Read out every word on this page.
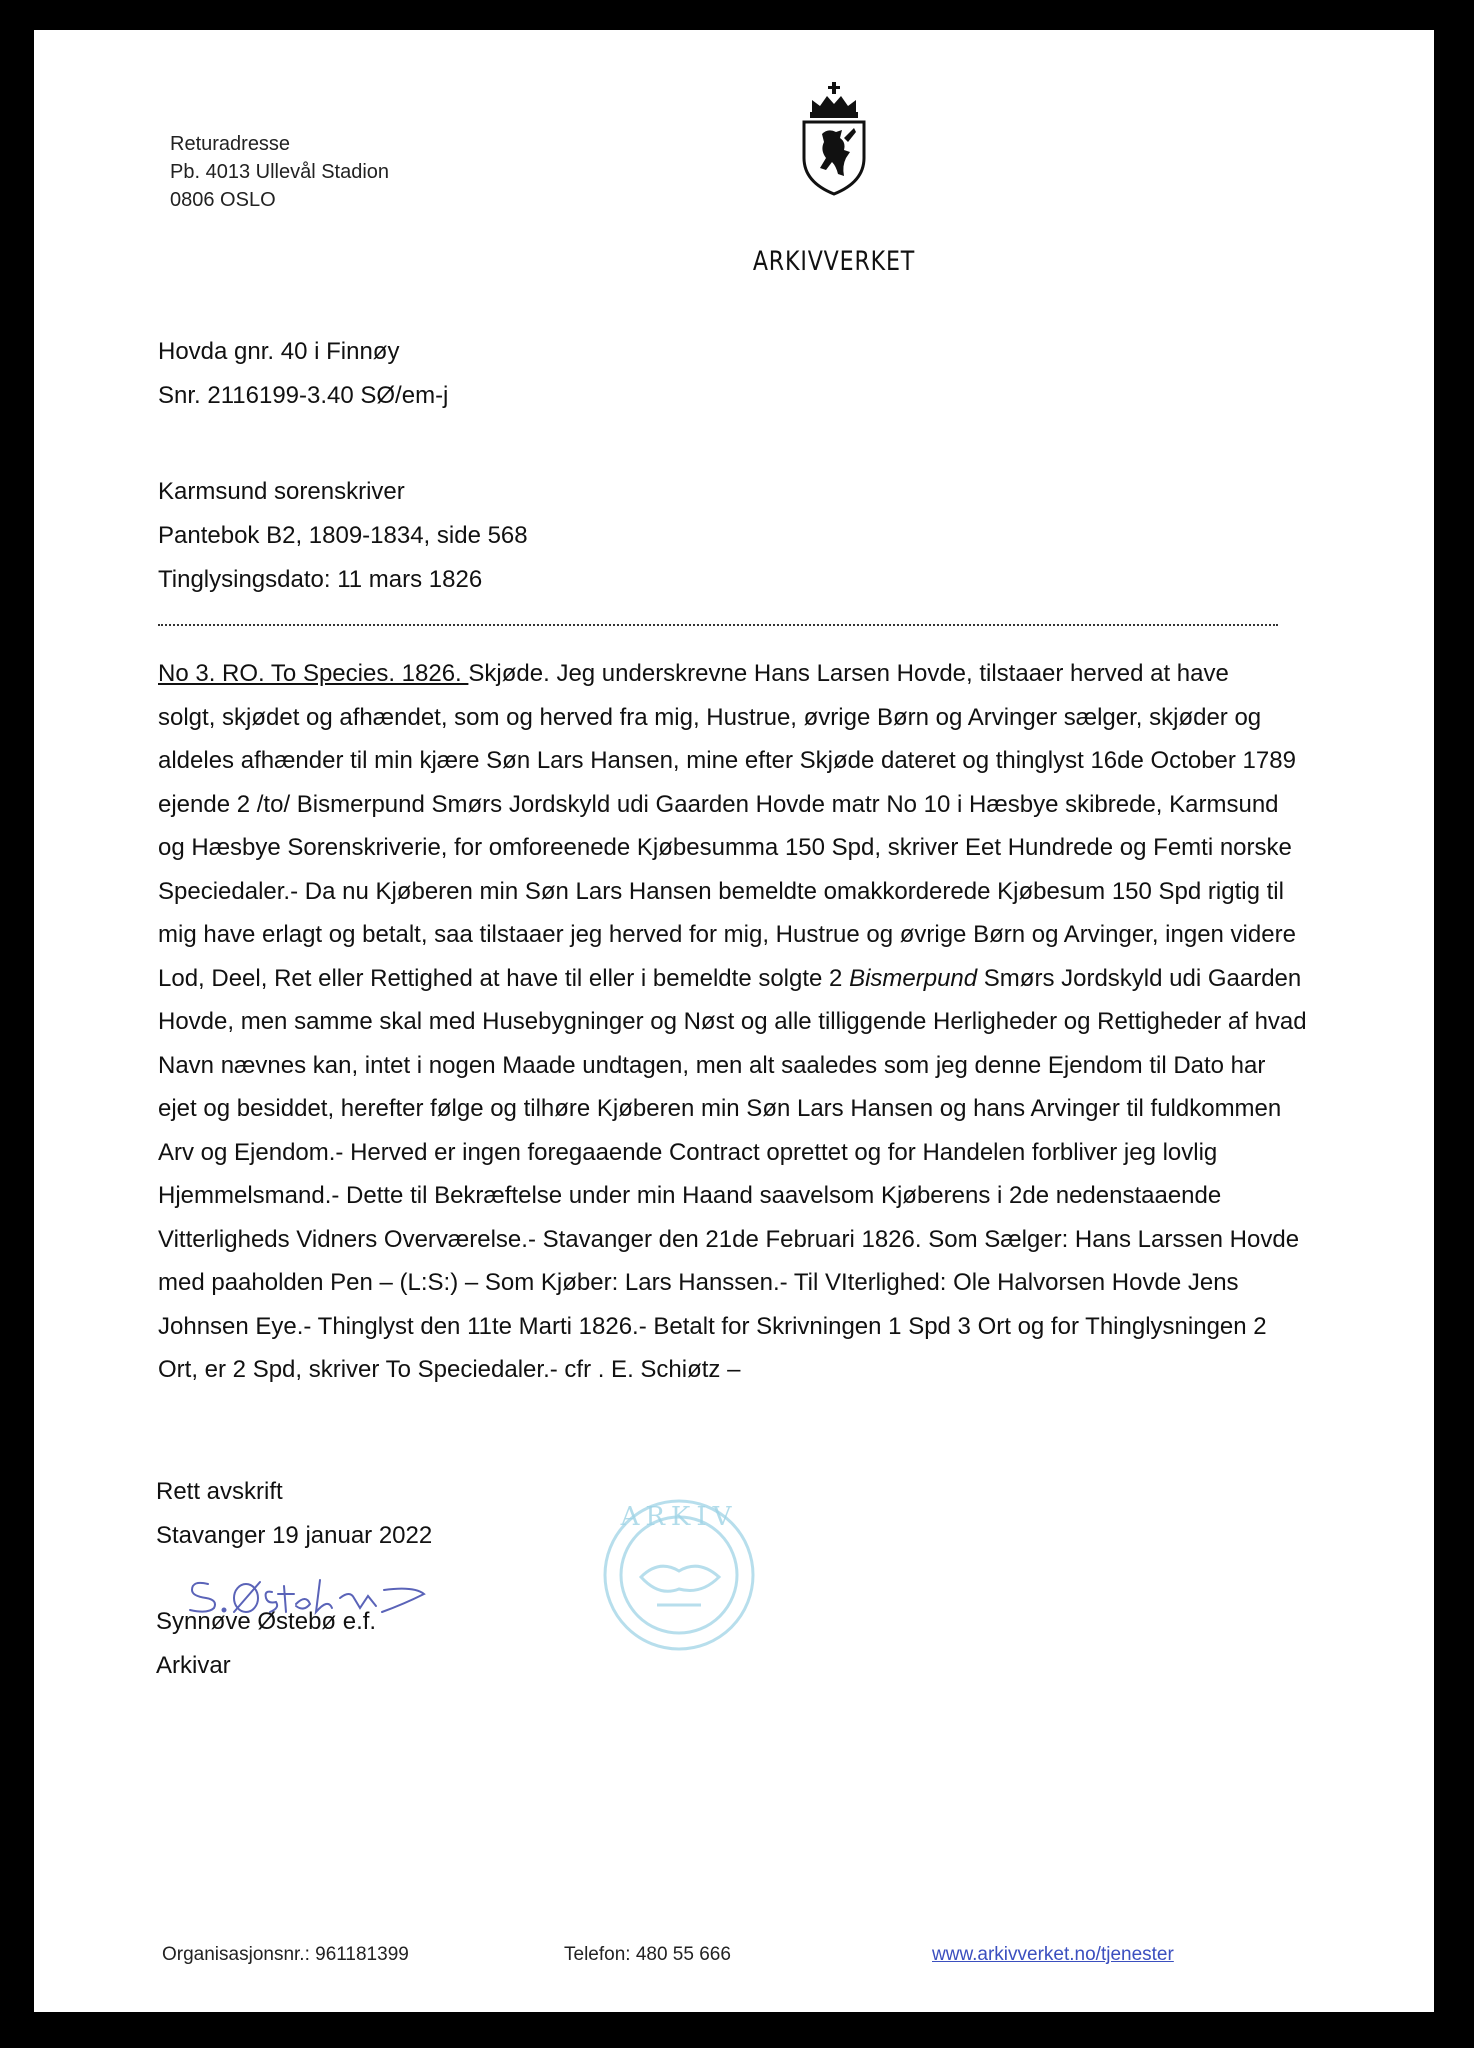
Returadresse
Pb. 4013 Ullevål Stadion
0806 OSLO
ARKIVVERKET
Hovda gnr. 40 i Finnøy
Snr. 2116199-3.40 SØ/em-j
Karmsund sorenskriver
Pantebok B2, 1809-1834, side 568
Tinglysingsdato: 11 mars 1826
No 3. RO. To Species. 1826. Skjøde. Jeg underskrevne Hans Larsen Hovde, tilstaaer herved at have
solgt, skjødet og afhændet, som og herved fra mig, Hustrue, øvrige Børn og Arvinger sælger, skjøder og
aldeles afhænder til min kjære Søn Lars Hansen, mine efter Skjøde dateret og thinglyst 16de October 1789
ejende 2 /to/ Bismerpund Smørs Jordskyld udi Gaarden Hovde matr No 10 i Hæsbye skibrede, Karmsund
og Hæsbye Sorenskriverie, for omforeenede Kjøbesumma 150 Spd, skriver Eet Hundrede og Femti norske
Speciedaler.- Da nu Kjøberen min Søn Lars Hansen bemeldte omakkorderede Kjøbesum 150 Spd rigtig til
mig have erlagt og betalt, saa tilstaaer jeg herved for mig, Hustrue og øvrige Børn og Arvinger, ingen videre
Lod, Deel, Ret eller Rettighed at have til eller i bemeldte solgte 2 Bismerpund Smørs Jordskyld udi Gaarden
Hovde, men samme skal med Husebygninger og Nøst og alle tilliggende Herligheder og Rettigheder af hvad
Navn nævnes kan, intet i nogen Maade undtagen, men alt saaledes som jeg denne Ejendom til Dato har
ejet og besiddet, herefter følge og tilhøre Kjøberen min Søn Lars Hansen og hans Arvinger til fuldkommen
Arv og Ejendom.- Herved er ingen foregaaende Contract oprettet og for Handelen forbliver jeg lovlig
Hjemmelsmand.- Dette til Bekræftelse under min Haand saavelsom Kjøberens i 2de nedenstaaende
Vitterligheds Vidners Overværelse.- Stavanger den 21de Februari 1826. Som Sælger: Hans Larssen Hovde
med paaholden Pen – (L:S:) – Som Kjøber: Lars Hanssen.- Til VIterlighed: Ole Halvorsen Hovde Jens
Johnsen Eye.- Thinglyst den 11te Marti 1826.- Betalt for Skrivningen 1 Spd 3 Ort og for Thinglysningen 2
Ort, er 2 Spd, skriver To Speciedaler.- cfr . E. Schiøtz –
Rett avskrift
Stavanger 19 januar 2022
Synnøve Østebø e.f.
Arkivar
ARKIV
Organisasjonsnr.: 961181399	Telefon: 480 55 666	www.arkivverket.no/tjenester
